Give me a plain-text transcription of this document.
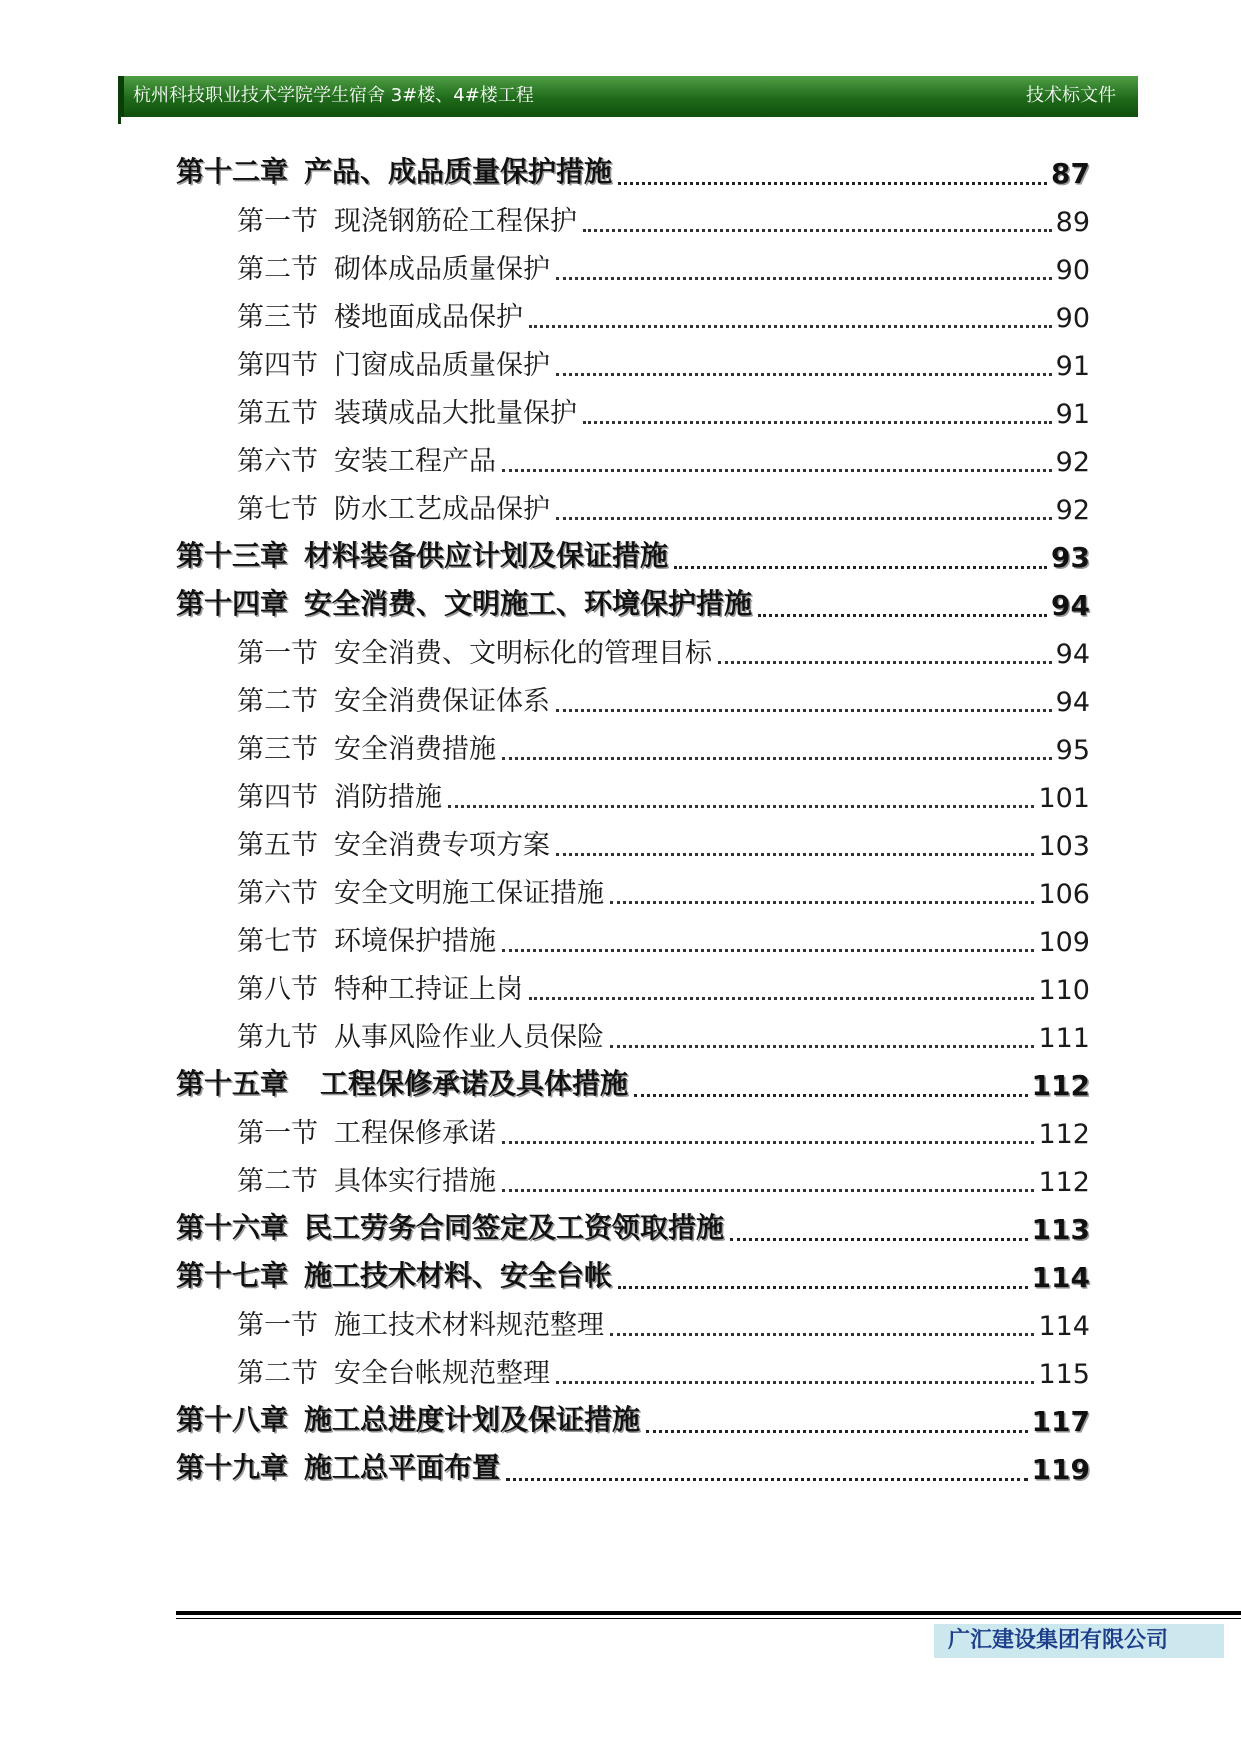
杭州科技职业技术学院学生宿舍 3#楼、4#楼工程	技术标文件
第十二章 产品、成品质量保护措施	87
第一节 现浇钢筋砼工程保护	89
第二节 砌体成品质量保护	90
第三节 楼地面成品保护	90
第四节 门窗成品质量保护	91
第五节 装璜成品大批量保护	91
第六节 安装工程产品	92
第七节 防水工艺成品保护	92
第十三章 材料装备供应计划及保证措施	93
第十四章 安全消费、文明施工、环境保护措施	94
第一节 安全消费、文明标化的管理目标	94
第二节 安全消费保证体系	94
第三节 安全消费措施	95
第四节 消防措施	101
第五节 安全消费专项方案	103
第六节 安全文明施工保证措施	106
第七节 环境保护措施	109
第八节 特种工持证上岗	110
第九节 从事风险作业人员保险	111
第十五章 工程保修承诺及具体措施	112
第一节 工程保修承诺	112
第二节 具体实行措施	112
第十六章 民工劳务合同签定及工资领取措施	113
第十七章 施工技术材料、安全台帐	114
第一节 施工技术材料规范整理	114
第二节 安全台帐规范整理	115
第十八章 施工总进度计划及保证措施	117
第十九章 施工总平面布置	119
广汇建设集团有限公司
